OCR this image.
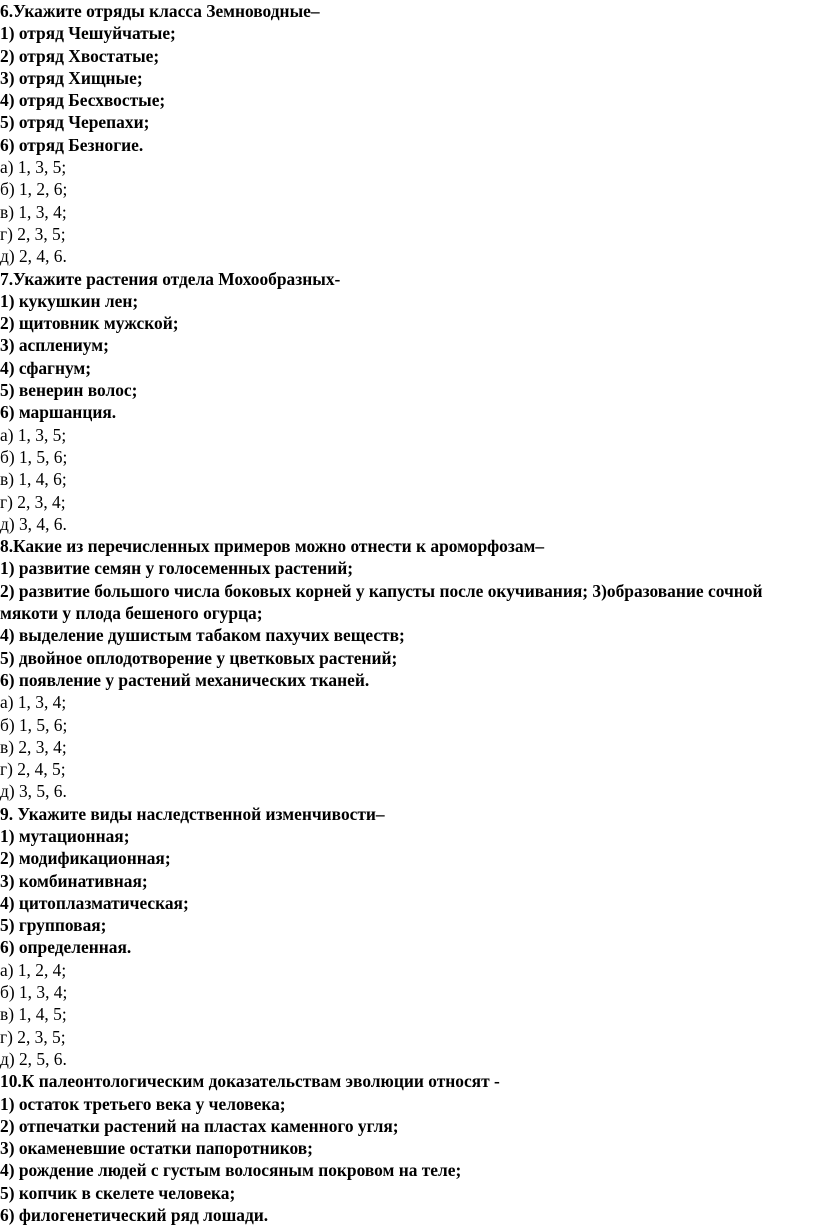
6.Укажите отряды класса Земноводные–

1) отряд Чешуйчатые;

2) отряд Хвостатые;

3) отряд Хищные;

4) отряд Бесхвостые;

5) отряд Черепахи;

6) отряд Безногие.

а) 1, 3, 5;

б) 1, 2, 6;

в) 1, 3, 4;

г) 2, 3, 5;

д) 2, 4, 6.

7.Укажите растения отдела Мохообразных-

1) кукушкин лен;

2) щитовник мужской;

3) асплениум;

4) сфагнум;

5) венерин волос;

6) маршанция.

а) 1, 3, 5;

б) 1, 5, 6;

в) 1, 4, 6;

г) 2, 3, 4;

д) 3, 4, 6.

8.Какие из перечисленных примеров можно отнести к ароморфозам–

1) развитие семян у голосеменных растений;

2) развитие большого числа боковых корней у капусты после окучивания; 3)образование сочной мякоти у плода бешеного огурца;

4) выделение душистым табаком пахучих веществ;

5) двойное оплодотворение у цветковых растений;

6) появление у растений механических тканей.

а) 1, 3, 4;

б) 1, 5, 6;

в) 2, 3, 4;

г) 2, 4, 5;

д) 3, 5, 6.

9. Укажите виды наследственной изменчивости–

1) мутационная;

2) модификационная;

3) комбинативная;

4) цитоплазматическая;

5) групповая;

6) определенная.

а) 1, 2, 4;

б) 1, 3, 4;

в) 1, 4, 5;

г) 2, 3, 5;

д) 2, 5, 6.

10.К палеонтологическим доказательствам эволюции относят -

1) остаток третьего века у человека;

2) отпечатки растений на пластах каменного угля;

3) окаменевшие остатки папоротников;

4) рождение людей с густым волосяным покровом на теле;

5) копчик в скелете человека;

6) филогенетический ряд лошади.
